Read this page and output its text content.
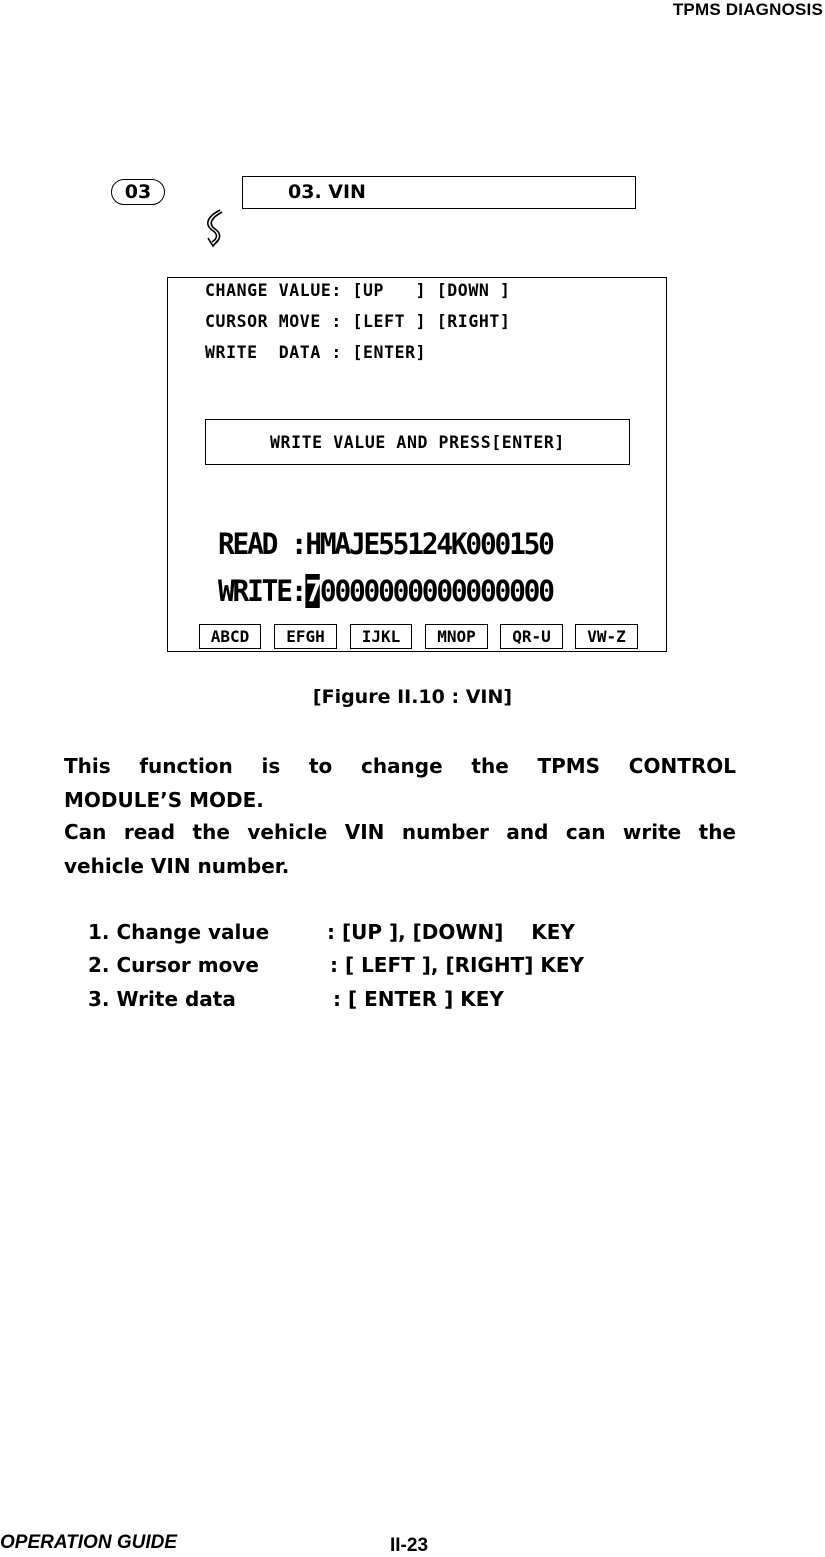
TPMS DIAGNOSIS
03	03. VIN
CHANGE VALUE: [UP   ] [DOWN ]
CURSOR MOVE : [LEFT ] [RIGHT]
WRITE  DATA : [ENTER]
WRITE VALUE AND PRESS[ENTER]
READ :HMAJE55124K000150
WRITE:70000000000000000
ABCD	EFGH	IJKL	MNOP	QR-U	VW-Z
[Figure II.10 : VIN]
This function is to change the TPMS CONTROL
MODULE’S MODE.
Can read the vehicle VIN number and can write the
vehicle VIN number.
1. Change value	: [UP ], [DOWN]    KEY
2. Cursor move	: [ LEFT ], [RIGHT] KEY
3. Write data	: [ ENTER ] KEY
OPERATION GUIDE	II-23
